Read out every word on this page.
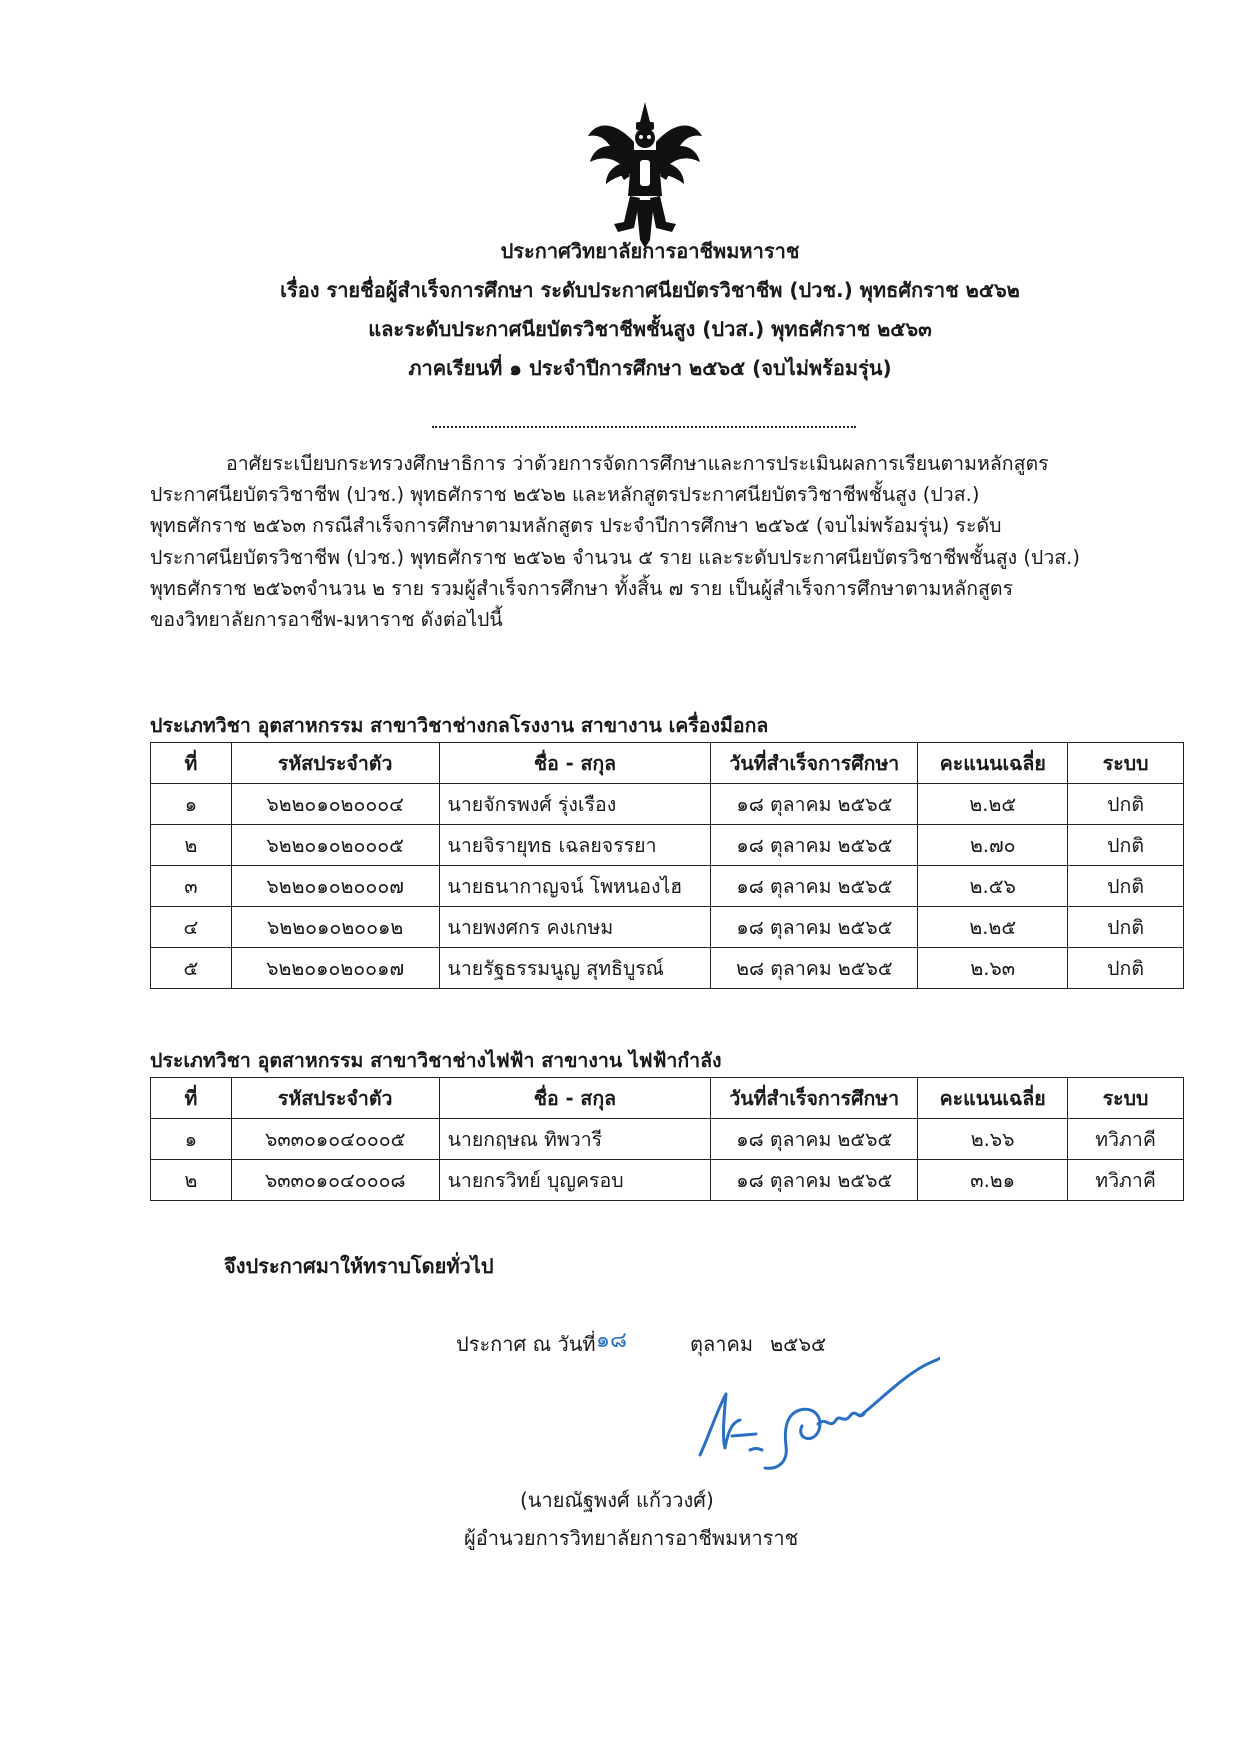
ประกาศวิทยาลัยการอาชีพมหาราช
เรื่อง รายชื่อผู้สำเร็จการศึกษา ระดับประกาศนียบัตรวิชาชีพ (ปวช.) พุทธศักราช ๒๕๖๒
และระดับประกาศนียบัตรวิชาชีพชั้นสูง (ปวส.) พุทธศักราช ๒๕๖๓
ภาคเรียนที่ ๑ ประจำปีการศึกษา ๒๕๖๕ (จบไม่พร้อมรุ่น)

อาศัยระเบียบกระทรวงศึกษาธิการ ว่าด้วยการจัดการศึกษาและการประเมินผลการเรียนตามหลักสูตร

ประกาศนียบัตรวิชาชีพ (ปวช.) พุทธศักราช ๒๕๖๒ และหลักสูตรประกาศนียบัตรวิชาชีพชั้นสูง (ปวส.)

พุทธศักราช ๒๕๖๓ กรณีสำเร็จการศึกษาตามหลักสูตร ประจำปีการศึกษา ๒๕๖๕ (จบไม่พร้อมรุ่น) ระดับ

ประกาศนียบัตรวิชาชีพ (ปวช.) พุทธศักราช ๒๕๖๒ จำนวน ๕ ราย และระดับประกาศนียบัตรวิชาชีพชั้นสูง (ปวส.)

พุทธศักราช ๒๕๖๓จำนวน ๒ ราย รวมผู้สำเร็จการศึกษา ทั้งสิ้น ๗ ราย เป็นผู้สำเร็จการศึกษาตามหลักสูตร

ของวิทยาลัยการอาชีพ-มหาราช ดังต่อไปนี้

ประเภทวิชา อุตสาหกรรม สาขาวิชาช่างกลโรงงาน สาขางาน เครื่องมือกล
ที่	รหัสประจำตัว	ชื่อ - สกุล	วันที่สำเร็จการศึกษา	คะแนนเฉลี่ย	ระบบ
๑	๖๒๒๐๑๐๒๐๐๐๔	นายจักรพงศ์ รุ่งเรือง	๑๘ ตุลาคม ๒๕๖๕	๒.๒๕	ปกติ
๒	๖๒๒๐๑๐๒๐๐๐๕	นายจิรายุทธ เฉลยจรรยา	๑๘ ตุลาคม ๒๕๖๕	๒.๗๐	ปกติ
๓	๖๒๒๐๑๐๒๐๐๐๗	นายธนากาญจน์ โพหนองไฮ	๑๘ ตุลาคม ๒๕๖๕	๒.๕๖	ปกติ
๔	๖๒๒๐๑๐๒๐๐๑๒	นายพงศกร คงเกษม	๑๘ ตุลาคม ๒๕๖๕	๒.๒๕	ปกติ
๕	๖๒๒๐๑๐๒๐๐๑๗	นายรัฐธรรมนูญ สุทธิบูรณ์	๒๘ ตุลาคม ๒๕๖๕	๒.๖๓	ปกติ
ประเภทวิชา อุตสาหกรรม สาขาวิชาช่างไฟฟ้า สาขางาน ไฟฟ้ากำลัง
ที่	รหัสประจำตัว	ชื่อ - สกุล	วันที่สำเร็จการศึกษา	คะแนนเฉลี่ย	ระบบ
๑	๖๓๓๐๑๐๔๐๐๐๕	นายกฤษณ ทิพวารี	๑๘ ตุลาคม ๒๕๖๕	๒.๖๖	ทวิภาคี
๒	๖๓๓๐๑๐๔๐๐๐๘	นายกรวิทย์ บุญครอบ	๑๘ ตุลาคม ๒๕๖๕	๓.๒๑	ทวิภาคี
จึงประกาศมาให้ทราบโดยทั่วไป
ประกาศ ณ วันที่ ๑๘	ตุลาคม ๒๕๖๕
(นายณัฐพงศ์ แก้ววงศ์)
ผู้อำนวยการวิทยาลัยการอาชีพมหาราช
